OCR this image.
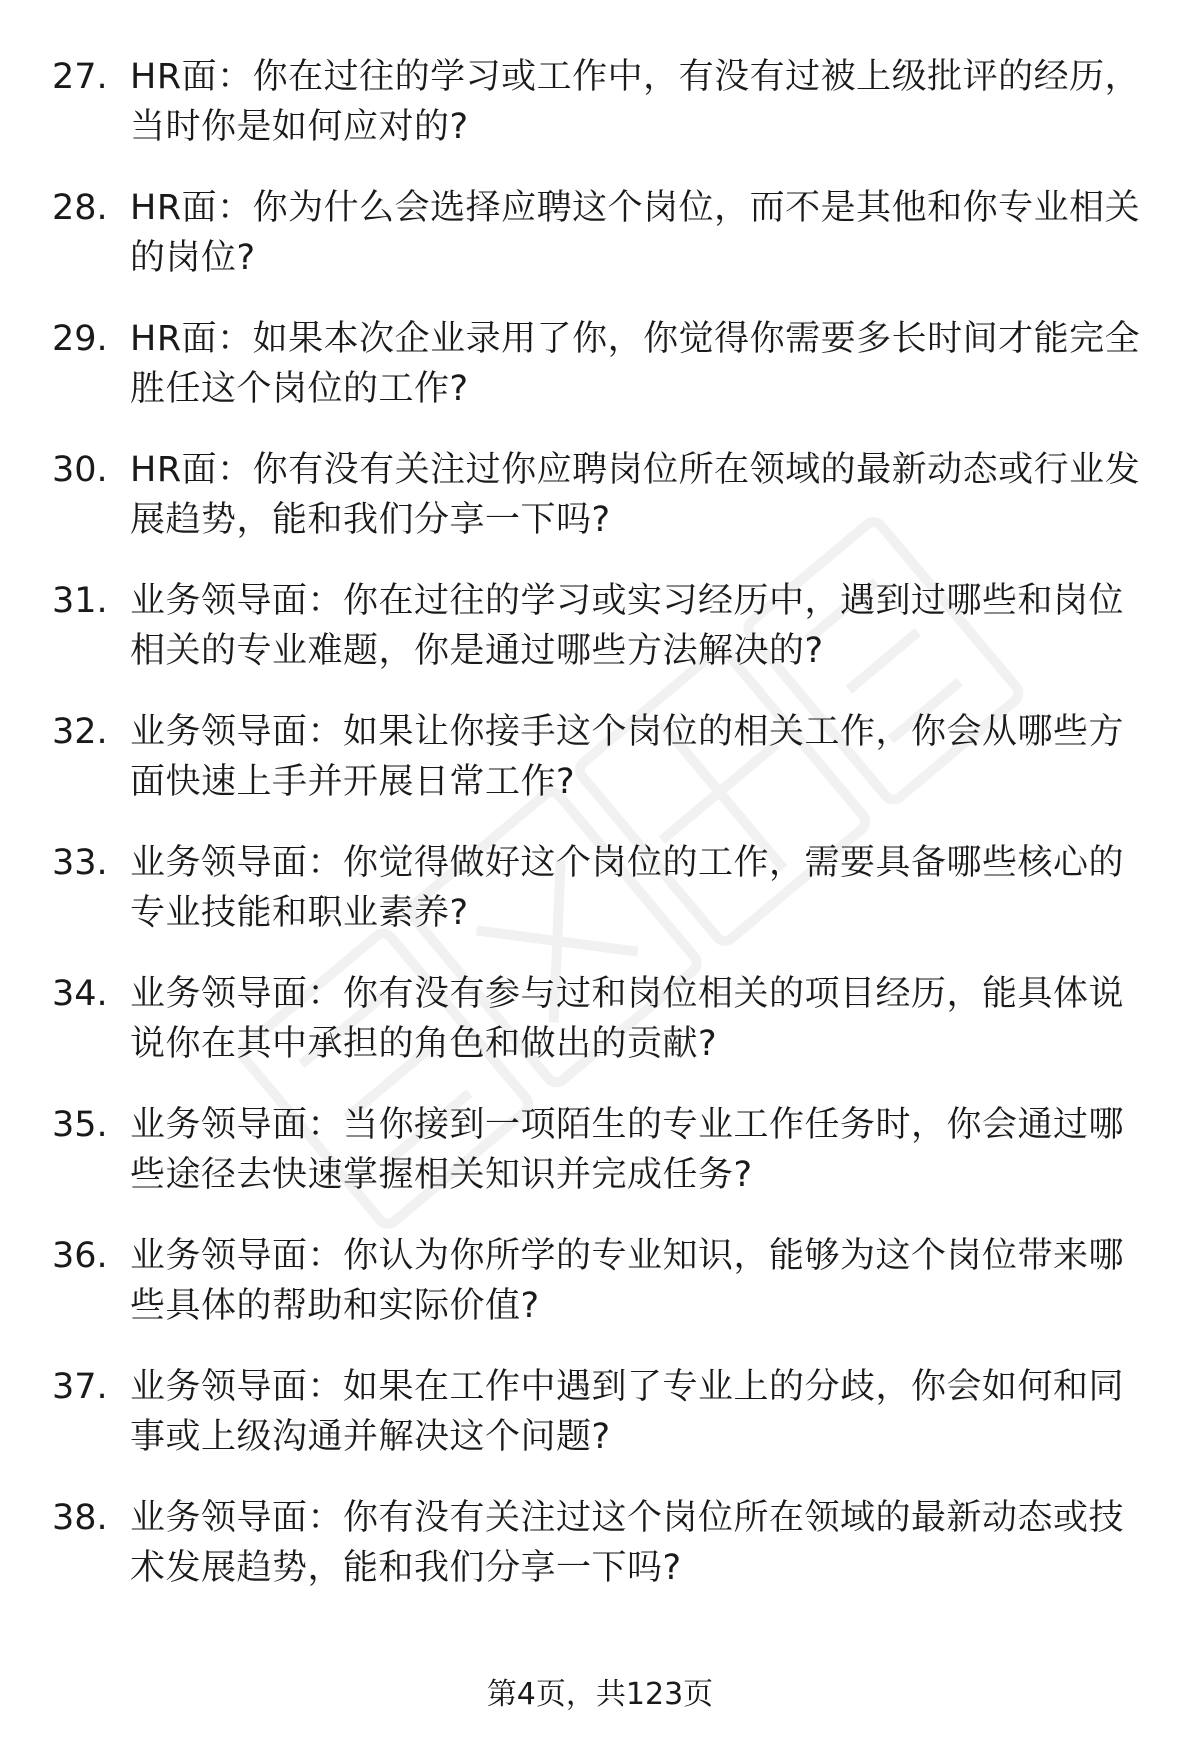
27. HR面：你在过往的学习或工作中，有没有过被上级批评的经历，当时你是如何应对的?
28. HR面：你为什么会选择应聘这个岗位，而不是其他和你专业相关的岗位?
29. HR面：如果本次企业录用了你，你觉得你需要多长时间才能完全胜任这个岗位的工作?
30. HR面：你有没有关注过你应聘岗位所在领域的最新动态或行业发展趋势，能和我们分享一下吗?
31. 业务领导面：你在过往的学习或实习经历中，遇到过哪些和岗位相关的专业难题，你是通过哪些方法解决的?
32. 业务领导面：如果让你接手这个岗位的相关工作，你会从哪些方面快速上手并开展日常工作?
33. 业务领导面：你觉得做好这个岗位的工作，需要具备哪些核心的专业技能和职业素养?
34. 业务领导面：你有没有参与过和岗位相关的项目经历，能具体说说你在其中承担的角色和做出的贡献?
35. 业务领导面：当你接到一项陌生的专业工作任务时，你会通过哪些途径去快速掌握相关知识并完成任务?
36. 业务领导面：你认为你所学的专业知识，能够为这个岗位带来哪些具体的帮助和实际价值?
37. 业务领导面：如果在工作中遇到了专业上的分歧，你会如何和同事或上级沟通并解决这个问题?
38. 业务领导面：你有没有关注过这个岗位所在领域的最新动态或技术发展趋势，能和我们分享一下吗?
第4页，共123页
